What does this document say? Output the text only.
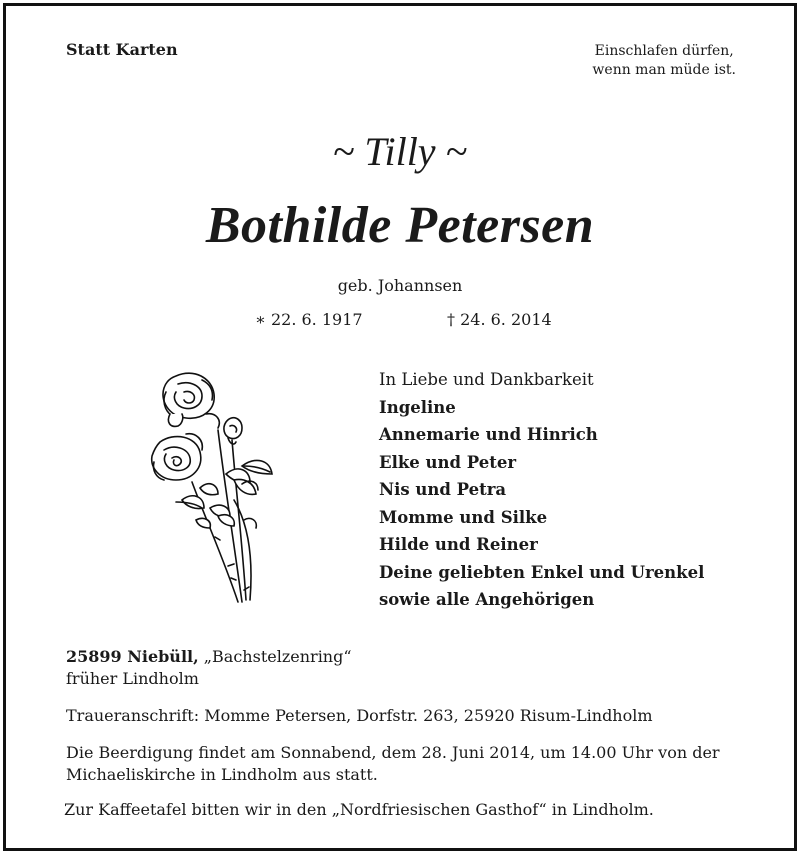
Statt Karten	Einschlafen dürfen,
wenn man müde ist.
~ Tilly ~
Bothilde Petersen
geb. Johannsen
∗ 22. 6. 1917	† 24. 6. 2014
In Liebe und Dankbarkeit
Ingeline
Annemarie und Hinrich
Elke und Peter
Nis und Petra
Momme und Silke
Hilde und Reiner
Deine geliebten Enkel und Urenkel
sowie alle Angehörigen
25899 Niebüll, „Bachstelzenring“
früher Lindholm
Traueranschrift: Momme Petersen, Dorfstr. 263, 25920 Risum-Lindholm
Die Beerdigung findet am Sonnabend, dem 28. Juni 2014, um 14.00 Uhr von der
Michaeliskirche in Lindholm aus statt.
Zur Kaffeetafel bitten wir in den „Nordfriesischen Gasthof“ in Lindholm.
